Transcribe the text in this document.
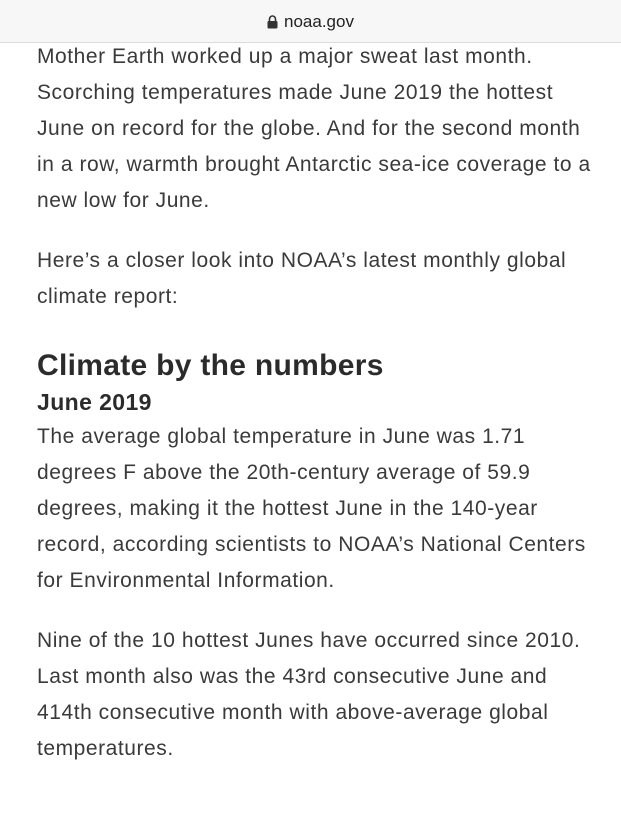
noaa.gov

Mother Earth worked up a major sweat last month. Scorching temperatures made June 2019 the hottest June on record for the globe. And for the second month in a row, warmth brought Antarctic sea-ice coverage to a new low for June.

Here’s a closer look into NOAA’s latest monthly global climate report:

Climate by the numbers
June 2019

The average global temperature in June was 1.71 degrees F above the 20th-century average of 59.9 degrees, making it the hottest June in the 140-year record, according scientists to NOAA’s National Centers for Environmental Information.

Nine of the 10 hottest Junes have occurred since 2010. Last month also was the 43rd consecutive June and 414th consecutive month with above-average global temperatures.
